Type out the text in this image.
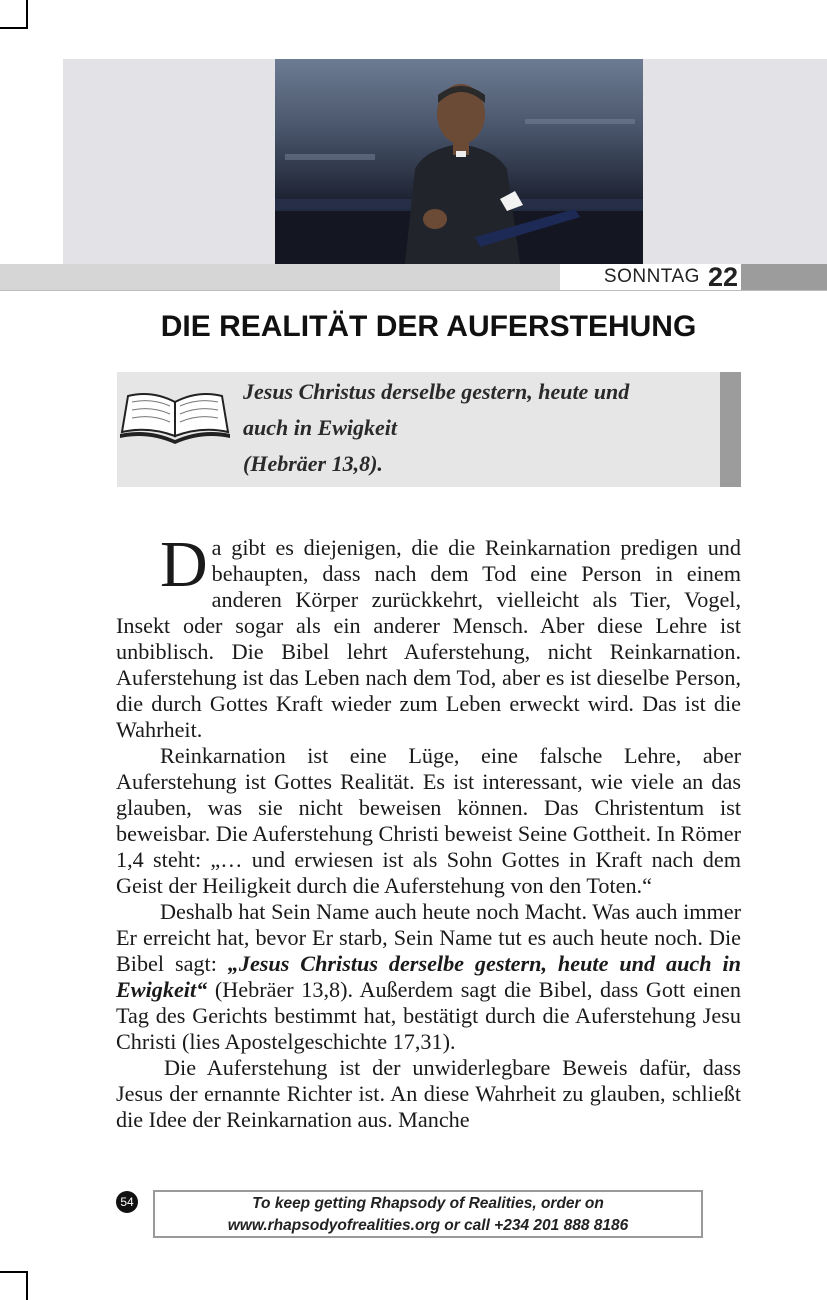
SONNTAG 22
DIE REALITÄT DER AUFERSTEHUNG
Jesus Christus derselbe gestern, heute und
auch in Ewigkeit
(Hebräer 13,8).

Da gibt es diejenigen, die die Reinkarnation predigen und behaupten, dass nach dem Tod eine Person in einem anderen Körper zurückkehrt, vielleicht als Tier, Vogel, Insekt oder sogar als ein anderer Mensch. Aber diese Lehre ist unbiblisch. Die Bibel lehrt Auferstehung, nicht Reinkarnation. Auferstehung ist das Leben nach dem Tod, aber es ist dieselbe Person, die durch Gottes Kraft wieder zum Leben erweckt wird. Das ist die Wahrheit.

Reinkarnation ist eine Lüge, eine falsche Lehre, aber Auferstehung ist Gottes Realität. Es ist interessant, wie viele an das glauben, was sie nicht beweisen können. Das Christentum ist beweisbar. Die Auferstehung Christi beweist Seine Gottheit. In Römer 1,4 steht: „… und erwiesen ist als Sohn Gottes in Kraft nach dem Geist der Heiligkeit durch die Auferstehung von den Toten.“

Deshalb hat Sein Name auch heute noch Macht. Was auch immer Er erreicht hat, bevor Er starb, Sein Name tut es auch heute noch. Die Bibel sagt: „Jesus Christus derselbe gestern, heute und auch in Ewigkeit“ (Hebräer 13,8). Außerdem sagt die Bibel, dass Gott einen Tag des Gerichts bestimmt hat, bestätigt durch die Auferstehung Jesu Christi (lies Apostelgeschichte 17,31).

Die Auferstehung ist der unwiderlegbare Beweis dafür, dass Jesus der ernannte Richter ist. An diese Wahrheit zu glauben, schließt die Idee der Reinkarnation aus. Manche

54	To keep getting Rhapsody of Realities, order on
www.rhapsodyofrealities.org or call +234 201 888 8186
